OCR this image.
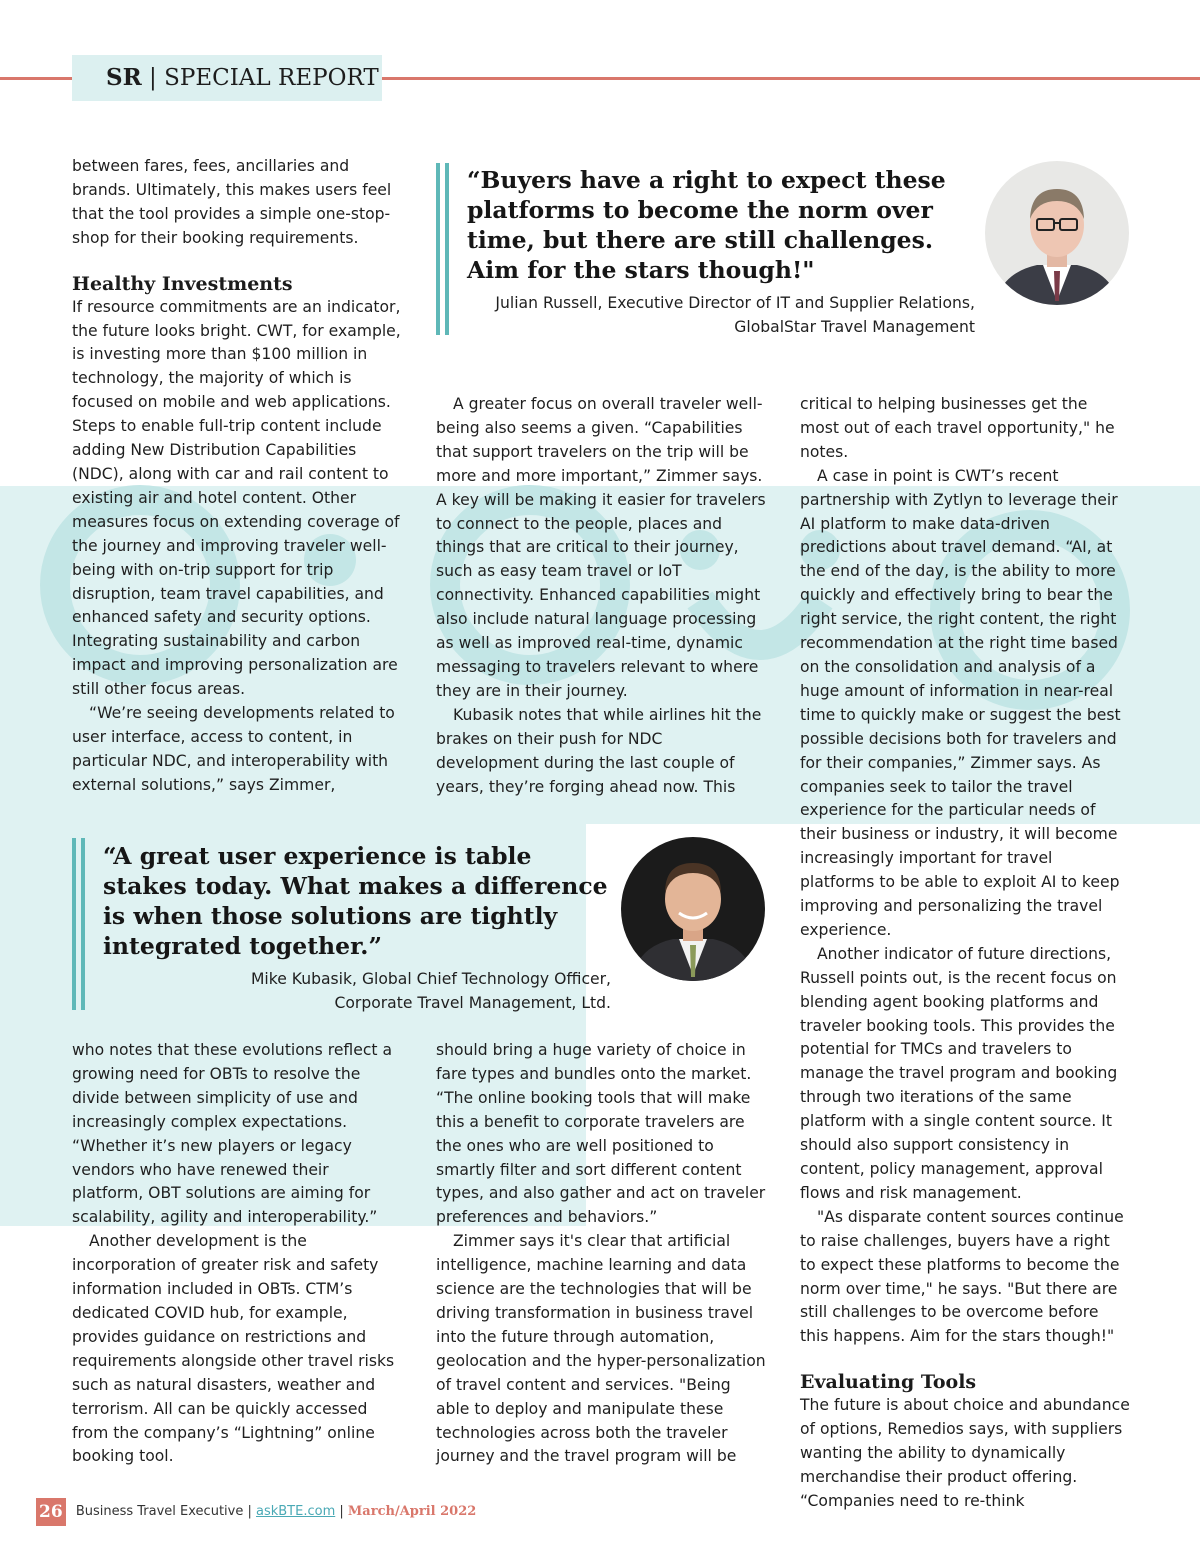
SR | SPECIAL REPORT

“Buyers have a right to expect these platforms to become the norm over time, but there are still challenges. Aim for the stars though!"

Julian Russell, Executive Director of IT and Supplier Relations,
GlobalStar Travel Management

between fares, fees, ancillaries and brands. Ultimately, this makes users feel that the tool provides a simple one-stop-shop for their booking requirements.

Healthy Investments

If resource commitments are an indicator, the future looks bright. CWT, for example, is investing more than $100 million in technology, the majority of which is focused on mobile and web applications. Steps to enable full-trip content include adding New Distribution Capabilities (NDC), along with car and rail content to existing air and hotel content. Other measures focus on extending coverage of the journey and improving traveler well-being with on-trip support for trip disruption, team travel capabilities, and enhanced safety and security options. Integrating sustainability and carbon impact and improving personalization are still other focus areas.

“We’re seeing developments related to user interface, access to content, in particular NDC, and interoperability with external solutions,” says Zimmer,

A greater focus on overall traveler well-being also seems a given. “Capabilities that support travelers on the trip will be more and more important,” Zimmer says. A key will be making it easier for travelers to connect to the people, places and things that are critical to their journey, such as easy team travel or IoT connectivity. Enhanced capabilities might also include natural language processing as well as improved real-time, dynamic messaging to travelers relevant to where they are in their journey.

Kubasik notes that while airlines hit the brakes on their push for NDC development during the last couple of years, they’re forging ahead now. This

critical to helping businesses get the most out of each travel opportunity," he notes.

A case in point is CWT’s recent partnership with Zytlyn to leverage their AI platform to make data-driven predictions about travel demand. “AI, at the end of the day, is the ability to more quickly and effectively bring to bear the right service, the right content, the right recommendation at the right time based on the consolidation and analysis of a huge amount of information in near-real time to quickly make or suggest the best possible decisions both for travelers and for their companies,” Zimmer says. As companies seek to tailor the travel experience for the particular needs of their business or industry, it will become increasingly important for travel platforms to be able to exploit AI to keep improving and personalizing the travel experience.

Another indicator of future directions, Russell points out, is the recent focus on blending agent booking platforms and traveler booking tools. This provides the potential for TMCs and travelers to manage the travel program and booking through two iterations of the same platform with a single content source. It should also support consistency in content, policy management, approval flows and risk management.

"As disparate content sources continue to raise challenges, buyers have a right to expect these platforms to become the norm over time," he says. "But there are still challenges to be overcome before this happens. Aim for the stars though!"

Evaluating Tools

The future is about choice and abundance of options, Remedios says, with suppliers wanting the ability to dynamically merchandise their product offering. “Companies need to re-think

“A great user experience is table stakes today. What makes a difference is when those solutions are tightly integrated together.”

Mike Kubasik, Global Chief Technology Officer,
Corporate Travel Management, Ltd.

who notes that these evolutions reflect a growing need for OBTs to resolve the divide between simplicity of use and increasingly complex expectations. “Whether it’s new players or legacy vendors who have renewed their platform, OBT solutions are aiming for scalability, agility and interoperability.”

Another development is the incorporation of greater risk and safety information included in OBTs. CTM’s dedicated COVID hub, for example, provides guidance on restrictions and requirements alongside other travel risks such as natural disasters, weather and terrorism. All can be quickly accessed from the company’s “Lightning” online booking tool.

should bring a huge variety of choice in fare types and bundles onto the market. “The online booking tools that will make this a benefit to corporate travelers are the ones who are well positioned to smartly filter and sort different content types, and also gather and act on traveler preferences and behaviors.”

Zimmer says it's clear that artificial intelligence, machine learning and data science are the technologies that will be driving transformation in business travel into the future through automation, geolocation and the hyper-personalization of travel content and services. "Being able to deploy and manipulate these technologies across both the traveler journey and the travel program will be

26 Business Travel Executive | askBTE.com | March/April 2022
